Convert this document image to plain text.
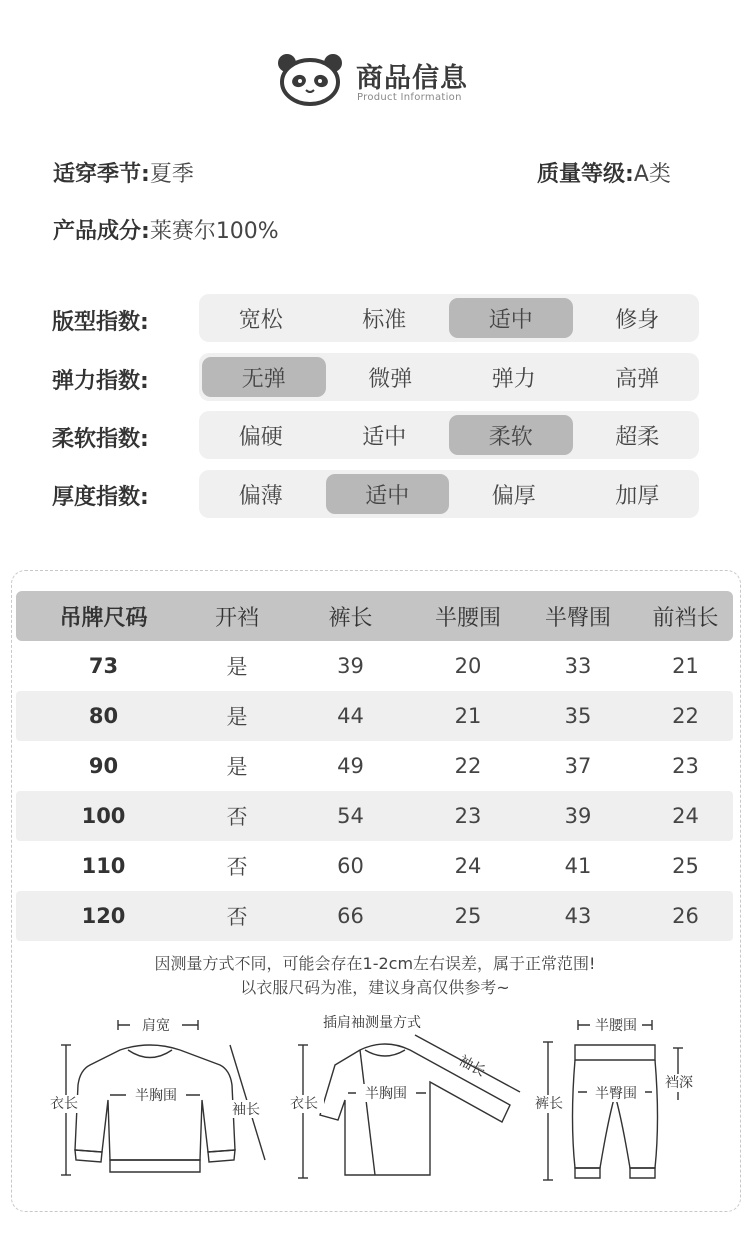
商品信息
Product Information
适穿季节:夏季	质量等级:A类
产品成分:莱赛尔100%
版型指数:	宽松	标准	适中	修身
弹力指数:	无弹	微弹	弹力	高弹
柔软指数:	偏硬	适中	柔软	超柔
厚度指数:	偏薄	适中	偏厚	加厚
吊牌尺码	开裆	裤长	半腰围	半臀围	前裆长
73	是	39	20	33	21
80	是	44	21	35	22
90	是	49	22	37	23
100	否	54	23	39	24
110	否	60	24	41	25
120	否	66	25	43	26
因测量方式不同，可能会存在1-2cm左右误差，属于正常范围!
以衣服尺码为准，建议身高仅供参考~
肩宽
衣长	半胸围
袖长
插肩袖测量方式
衣长
半胸围
袖长
半腰围
裤长
半臀围
裆深
